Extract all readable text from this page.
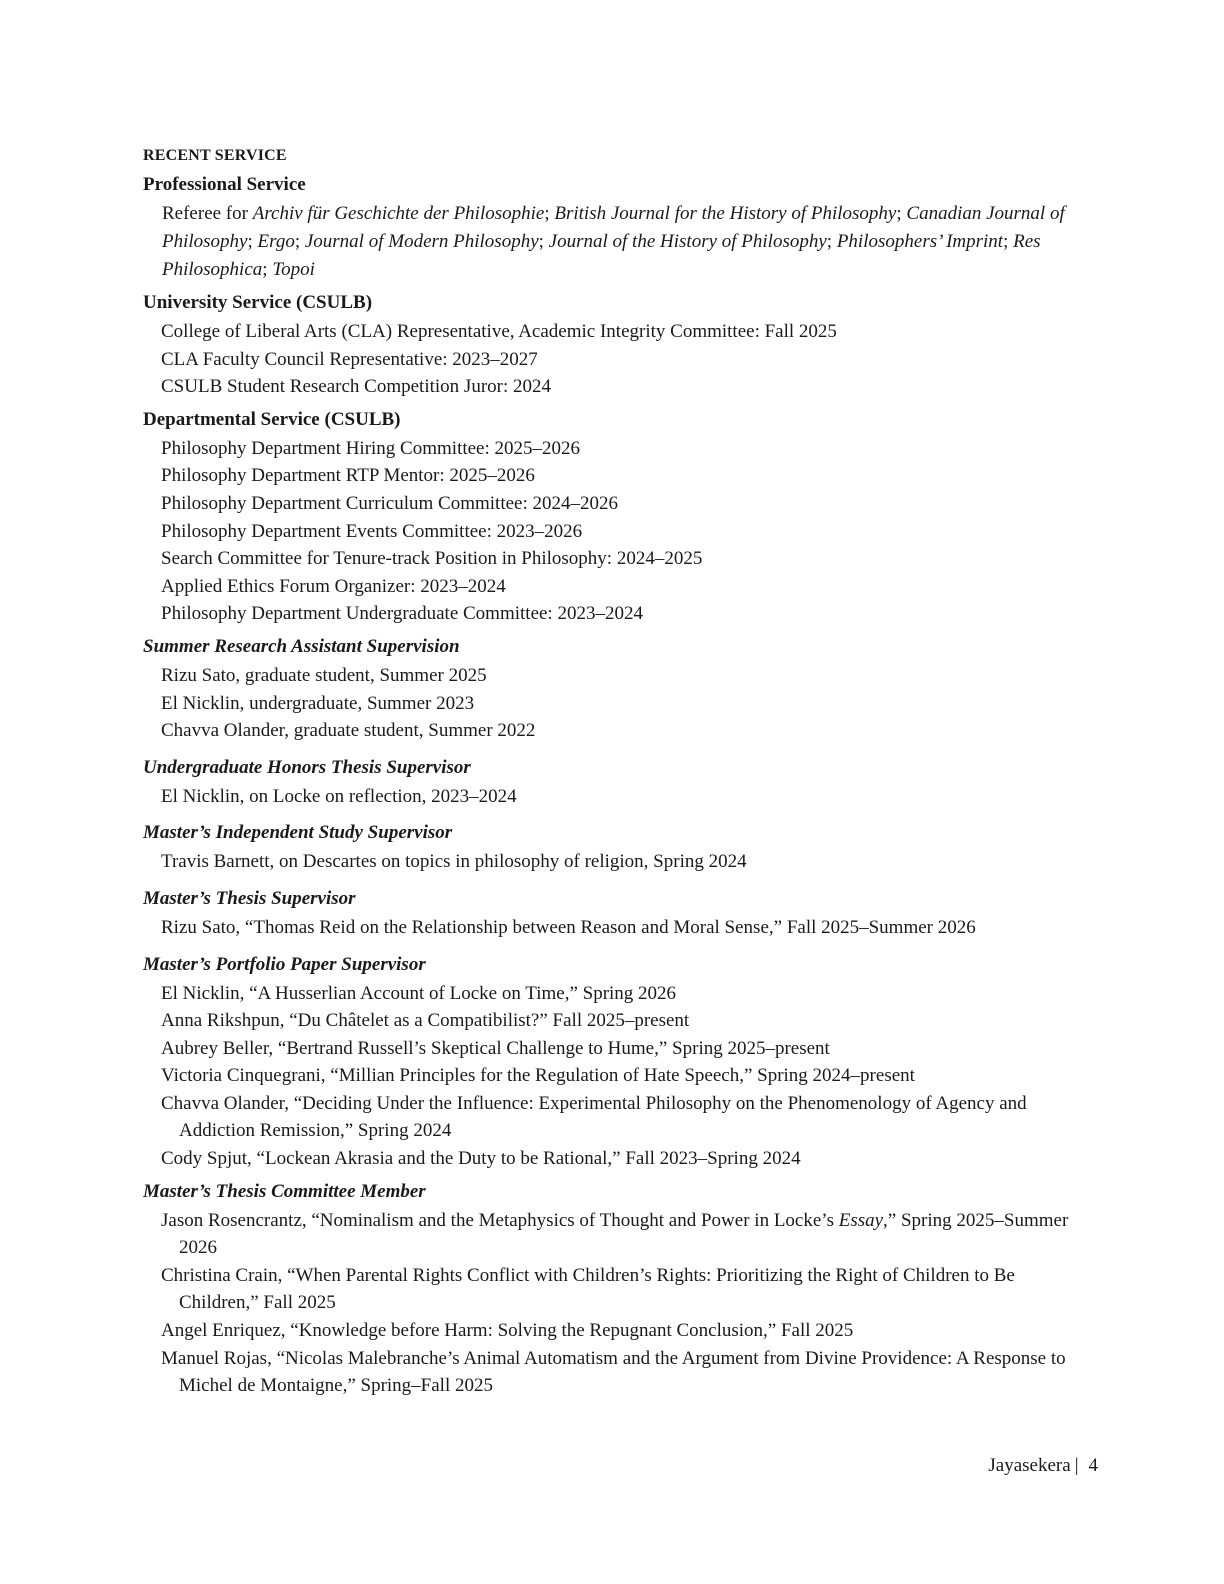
RECENT SERVICE
Professional Service

Referee for Archiv für Geschichte der Philosophie; British Journal for the History of Philosophy; Canadian Journal of Philosophy; Ergo; Journal of Modern Philosophy; Journal of the History of Philosophy; Philosophers’ Imprint; Res Philosophica; Topoi

University Service (CSULB)

College of Liberal Arts (CLA) Representative, Academic Integrity Committee: Fall 2025

CLA Faculty Council Representative: 2023–2027

CSULB Student Research Competition Juror: 2024

Departmental Service (CSULB)

Philosophy Department Hiring Committee: 2025–2026

Philosophy Department RTP Mentor: 2025–2026

Philosophy Department Curriculum Committee: 2024–2026

Philosophy Department Events Committee: 2023–2026

Search Committee for Tenure-track Position in Philosophy: 2024–2025

Applied Ethics Forum Organizer: 2023–2024

Philosophy Department Undergraduate Committee: 2023–2024

Summer Research Assistant Supervision

Rizu Sato, graduate student, Summer 2025

El Nicklin, undergraduate, Summer 2023

Chavva Olander, graduate student, Summer 2022

Undergraduate Honors Thesis Supervisor

El Nicklin, on Locke on reflection, 2023–2024

Master’s Independent Study Supervisor

Travis Barnett, on Descartes on topics in philosophy of religion, Spring 2024

Master’s Thesis Supervisor

Rizu Sato, “Thomas Reid on the Relationship between Reason and Moral Sense,” Fall 2025–Summer 2026

Master’s Portfolio Paper Supervisor

El Nicklin, “A Husserlian Account of Locke on Time,” Spring 2026

Anna Rikshpun, “Du Châtelet as a Compatibilist?” Fall 2025–present

Aubrey Beller, “Bertrand Russell’s Skeptical Challenge to Hume,” Spring 2025–present

Victoria Cinquegrani, “Millian Principles for the Regulation of Hate Speech,” Spring 2024–present

Chavva Olander, “Deciding Under the Influence: Experimental Philosophy on the Phenomenology of Agency and Addiction Remission,” Spring 2024

Cody Spjut, “Lockean Akrasia and the Duty to be Rational,” Fall 2023–Spring 2024

Master’s Thesis Committee Member

Jason Rosencrantz, “Nominalism and the Metaphysics of Thought and Power in Locke’s Essay,” Spring 2025–Summer 2026

Christina Crain, “When Parental Rights Conflict with Children’s Rights: Prioritizing the Right of Children to Be Children,” Fall 2025

Angel Enriquez, “Knowledge before Harm: Solving the Repugnant Conclusion,” Fall 2025

Manuel Rojas, “Nicolas Malebranche’s Animal Automatism and the Argument from Divine Providence: A Response to Michel de Montaigne,” Spring–Fall 2025

Jayasekera | 4
